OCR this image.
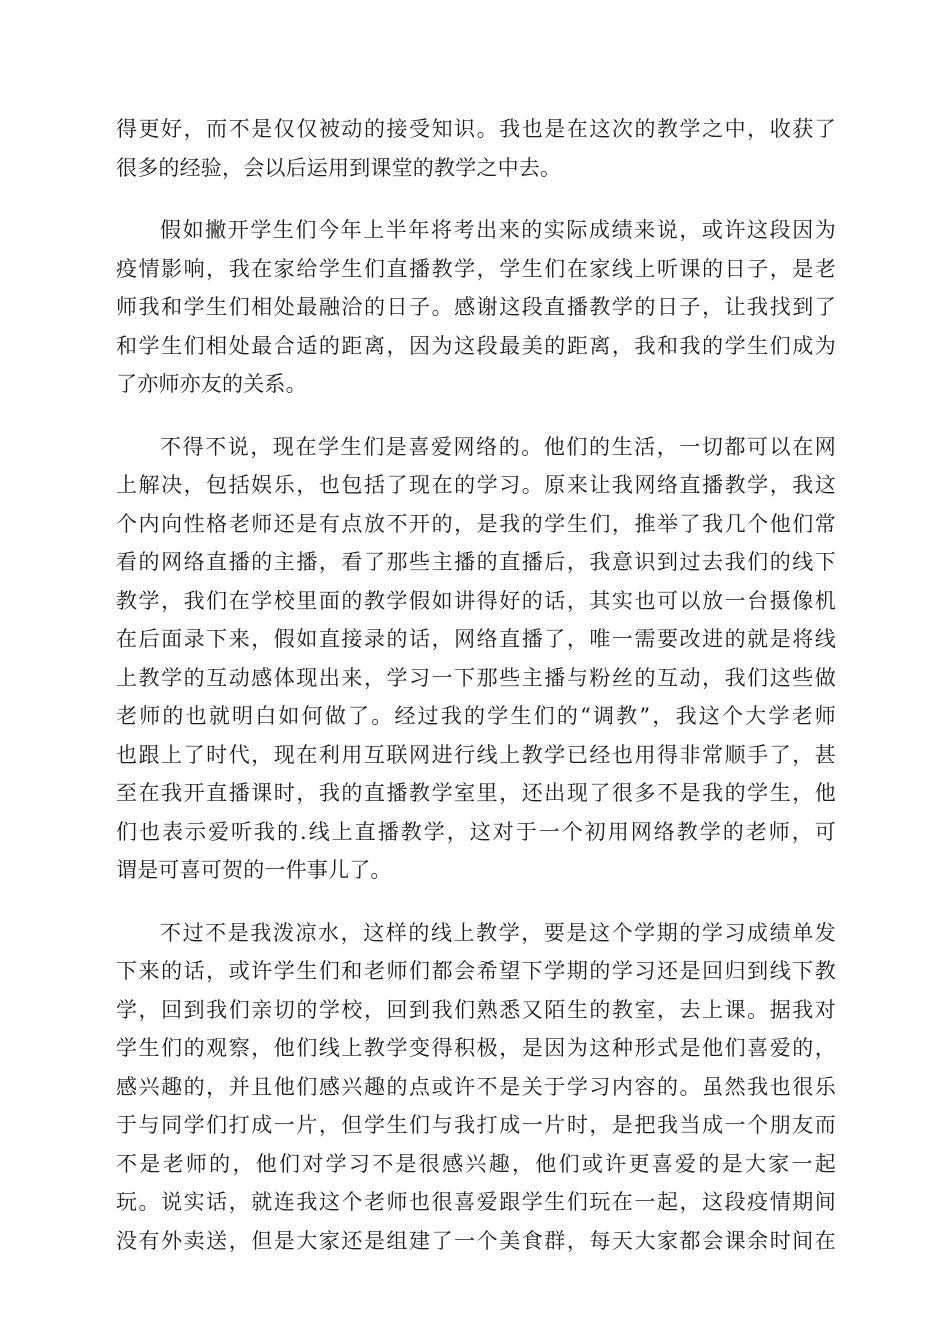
得更好，而不是仅仅被动的接受知识。我也是在这次的教学之中，收获了
很多的经验，会以后运用到课堂的教学之中去。
假如撇开学生们今年上半年将考出来的实际成绩来说，或许这段因为
疫情影响，我在家给学生们直播教学，学生们在家线上听课的日子，是老
师我和学生们相处最融洽的日子。感谢这段直播教学的日子，让我找到了
和学生们相处最合适的距离，因为这段最美的距离，我和我的学生们成为
了亦师亦友的关系。
不得不说，现在学生们是喜爱网络的。他们的生活，一切都可以在网
上解决，包括娱乐，也包括了现在的学习。原来让我网络直播教学，我这
个内向性格老师还是有点放不开的，是我的学生们，推举了我几个他们常
看的网络直播的主播，看了那些主播的直播后，我意识到过去我们的线下
教学，我们在学校里面的教学假如讲得好的话，其实也可以放一台摄像机
在后面录下来，假如直接录的话，网络直播了，唯一需要改进的就是将线
上教学的互动感体现出来，学习一下那些主播与粉丝的互动，我们这些做
老师的也就明白如何做了。经过我的学生们的“调教”，我这个大学老师
也跟上了时代，现在利用互联网进行线上教学已经也用得非常顺手了，甚
至在我开直播课时，我的直播教学室里，还出现了很多不是我的学生，他
们也表示爱听我的.线上直播教学，这对于一个初用网络教学的老师，可
谓是可喜可贺的一件事儿了。
不过不是我泼凉水，这样的线上教学，要是这个学期的学习成绩单发
下来的话，或许学生们和老师们都会希望下学期的学习还是回归到线下教
学，回到我们亲切的学校，回到我们熟悉又陌生的教室，去上课。据我对
学生们的观察，他们线上教学变得积极，是因为这种形式是他们喜爱的，
感兴趣的，并且他们感兴趣的点或许不是关于学习内容的。虽然我也很乐
于与同学们打成一片，但学生们与我打成一片时，是把我当成一个朋友而
不是老师的，他们对学习不是很感兴趣，他们或许更喜爱的是大家一起
玩。说实话，就连我这个老师也很喜爱跟学生们玩在一起，这段疫情期间
没有外卖送，但是大家还是组建了一个美食群，每天大家都会课余时间在
